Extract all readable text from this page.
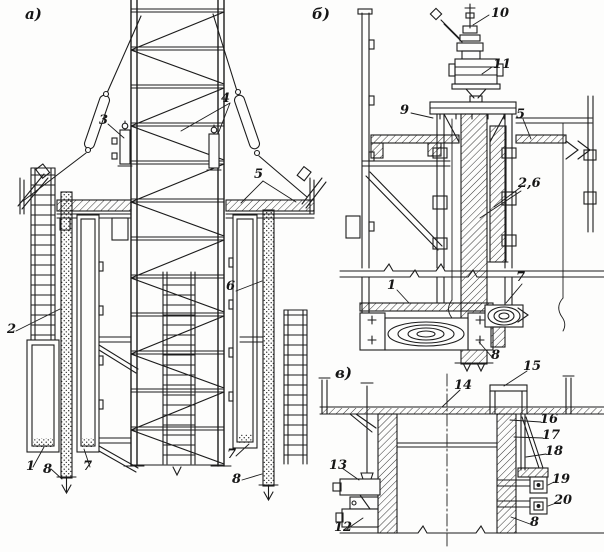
а)	б)
в)
3
4
5
2
6
1 8 7
7
8
10
11
9	5
2,6
1
7
8
14
15
16
17
18
19
20
8
13
12
